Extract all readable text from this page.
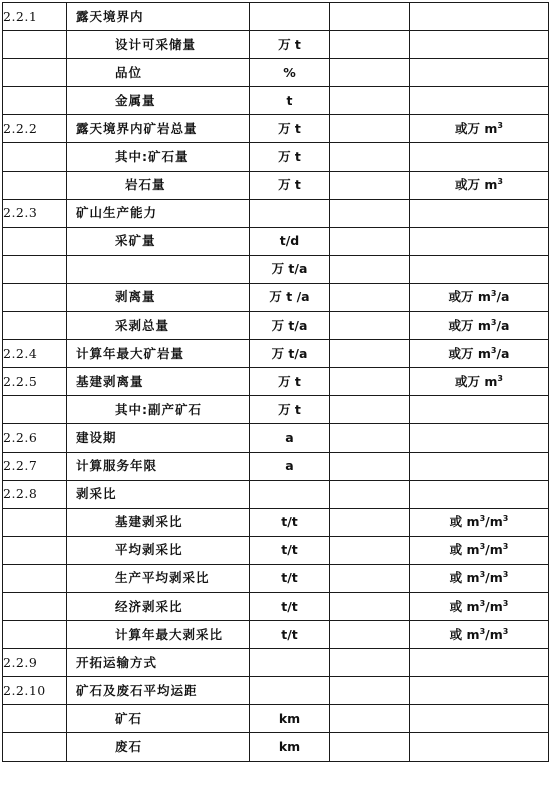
2.2.1	露天境界内			
	设计可采储量	万 t		
	品位	%		
	金属量	t		
2.2.2	露天境界内矿岩总量	万 t		或万 $m^3$
	其中:矿石量	万 t		
	岩石量	万 t		或万 $m^3$
2.2.3	矿山生产能力			
	采矿量	t/d		
		万 t/a		
	剥离量	万 t /a		或万 $m^3/a$
	采剥总量	万 t/a		或万 $m^3/a$
2.2.4	计算年最大矿岩量	万 t/a		或万 $m^3/a$
2.2.5	基建剥离量	万 t		或万 $m^3$
	其中:副产矿石	万 t		
2.2.6	建设期	a		
2.2.7	计算服务年限	a		
2.2.8	剥采比			
	基建剥采比	t/t		或 $m^3/m^3$
	平均剥采比	t/t		或 $m^3/m^3$
	生产平均剥采比	t/t		或 $m^3/m^3$
	经济剥采比	t/t		或 $m^3/m^3$
	计算年最大剥采比	t/t		或 $m^3/m^3$
2.2.9	开拓运输方式			
2.2.10	矿石及废石平均运距			
	矿石	km		
	废石	km		
